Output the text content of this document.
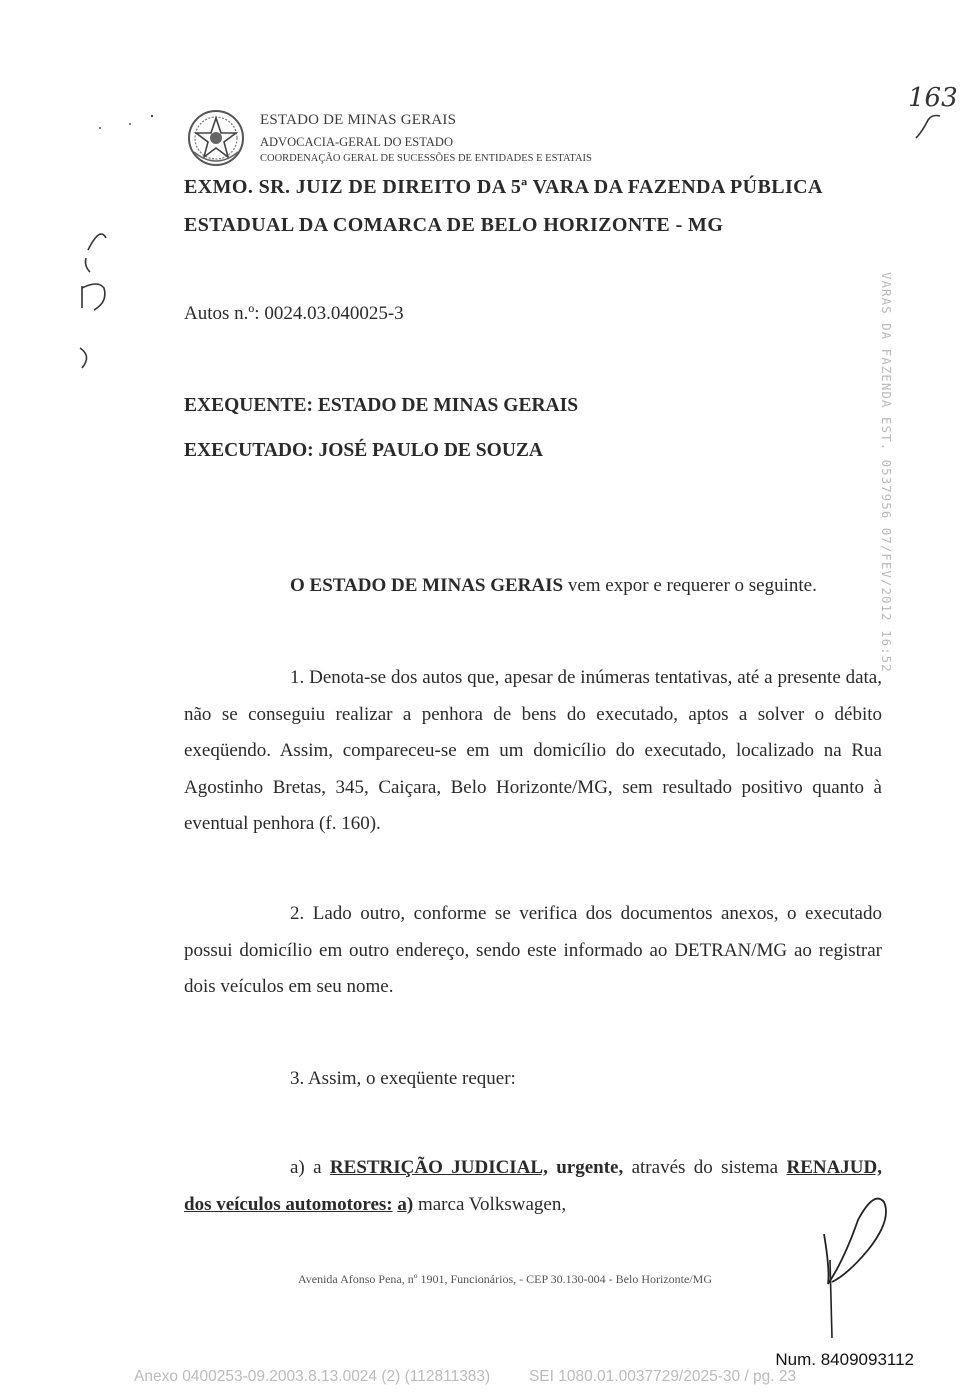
ESTADO DE MINAS GERAIS
ADVOCACIA-GERAL DO ESTADO
COORDENAÇÃO GERAL DE SUCESSÕES DE ENTIDADES E ESTATAIS
163
EXMO. SR. JUIZ DE DIREITO DA 5ª VARA DA FAZENDA PÚBLICA
ESTADUAL DA COMARCA DE BELO HORIZONTE - MG
VARAS DA FAZENDA EST. 0537956 07/FEV/2012 16:52
Autos n.º: 0024.03.040025-3
EXEQUENTE: ESTADO DE MINAS GERAIS
EXECUTADO: JOSÉ PAULO DE SOUZA
O ESTADO DE MINAS GERAIS vem expor e requerer o seguinte.
1. Denota-se dos autos que, apesar de inúmeras tentativas, até a presente data, não se conseguiu realizar a penhora de bens do executado, aptos a solver o débito exeqüendo. Assim, compareceu-se em um domicílio do executado, localizado na Rua Agostinho Bretas, 345, Caiçara, Belo Horizonte/MG, sem resultado positivo quanto à eventual penhora (f. 160).
2. Lado outro, conforme se verifica dos documentos anexos, o executado possui domicílio em outro endereço, sendo este informado ao DETRAN/MG ao registrar dois veículos em seu nome.
3. Assim, o exeqüente requer:
a) a RESTRIÇÃO JUDICIAL, urgente, através do sistema RENAJUD, dos veículos automotores: a) marca Volkswagen,
Avenida Afonso Pena, nº 1901, Funcionários, - CEP 30.130-004 - Belo Horizonte/MG
Num. 8409093112
Anexo 0400253-09.2003.8.13.0024 (2) (112811383)         SEI 1080.01.0037729/2025-30 / pg. 23
